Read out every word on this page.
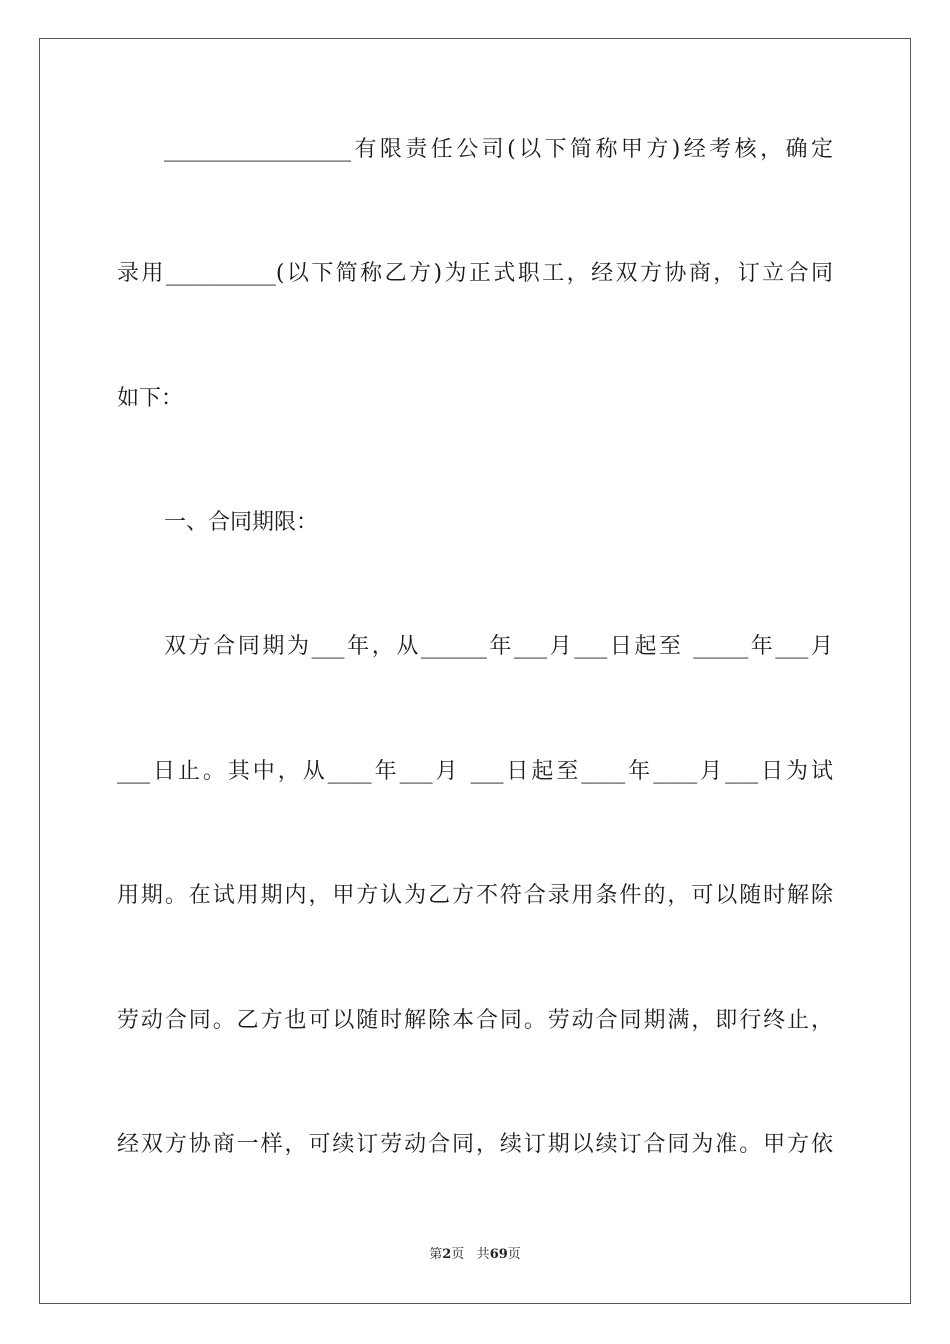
_________________有限责任公司(以下简称甲方)经考核，确定
录用__________(以下简称乙方)为正式职工，经双方协商，订立合同
如下：
一、合同期限：
双方合同期为___年，从______年___月___日起至 _____年___月
___日止。其中，从____年___月 ___日起至____年____月___日为试
用期。在试用期内，甲方认为乙方不符合录用条件的，可以随时解除
劳动合同。乙方也可以随时解除本合同。劳动合同期满，即行终止，
经双方协商一样，可续订劳动合同，续订期以续订合同为准。甲方依
第2页 共69页
